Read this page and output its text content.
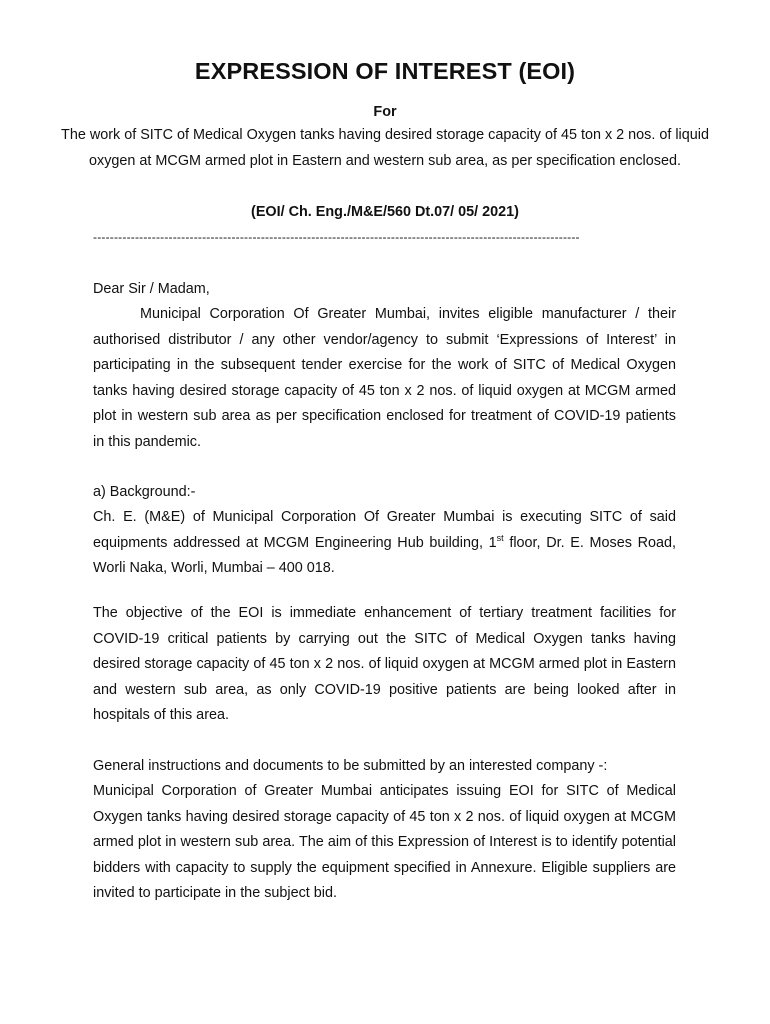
EXPRESSION OF INTEREST (EOI)
For
The work of SITC of Medical Oxygen tanks having desired storage capacity of 45 ton x 2 nos. of liquid oxygen at MCGM armed plot in Eastern and western sub area, as per specification enclosed.
(EOI/ Ch. Eng./M&E/560 Dt.07/ 05/ 2021)
--------------------------------------------------------------------------------------------------------------------
Dear Sir / Madam,
Municipal Corporation Of Greater Mumbai, invites eligible manufacturer / their authorised distributor / any other vendor/agency to submit ‘Expressions of Interest’ in participating in the subsequent tender exercise for the work of SITC of Medical Oxygen tanks having desired storage capacity of 45 ton x 2 nos. of liquid oxygen at MCGM armed plot in western sub area as per specification enclosed for treatment of COVID-19 patients in this pandemic.
a) Background:-
Ch. E. (M&E) of Municipal Corporation Of Greater Mumbai is executing SITC of said equipments addressed at MCGM Engineering Hub building, 1st floor, Dr. E. Moses Road, Worli Naka, Worli, Mumbai – 400 018.
The objective of the EOI is immediate enhancement of tertiary treatment facilities for COVID-19 critical patients by carrying out the SITC of Medical Oxygen tanks having desired storage capacity of 45 ton x 2 nos. of liquid oxygen at MCGM armed plot in Eastern and western sub area, as only COVID-19 positive patients are being looked after in hospitals of this area.
General instructions and documents to be submitted by an interested company -:
Municipal Corporation of Greater Mumbai anticipates issuing EOI for SITC of Medical Oxygen tanks having desired storage capacity of 45 ton x 2 nos. of liquid oxygen at MCGM armed plot in western sub area. The aim of this Expression of Interest is to identify potential bidders with capacity to supply the equipment specified in Annexure. Eligible suppliers are invited to participate in the subject bid.
